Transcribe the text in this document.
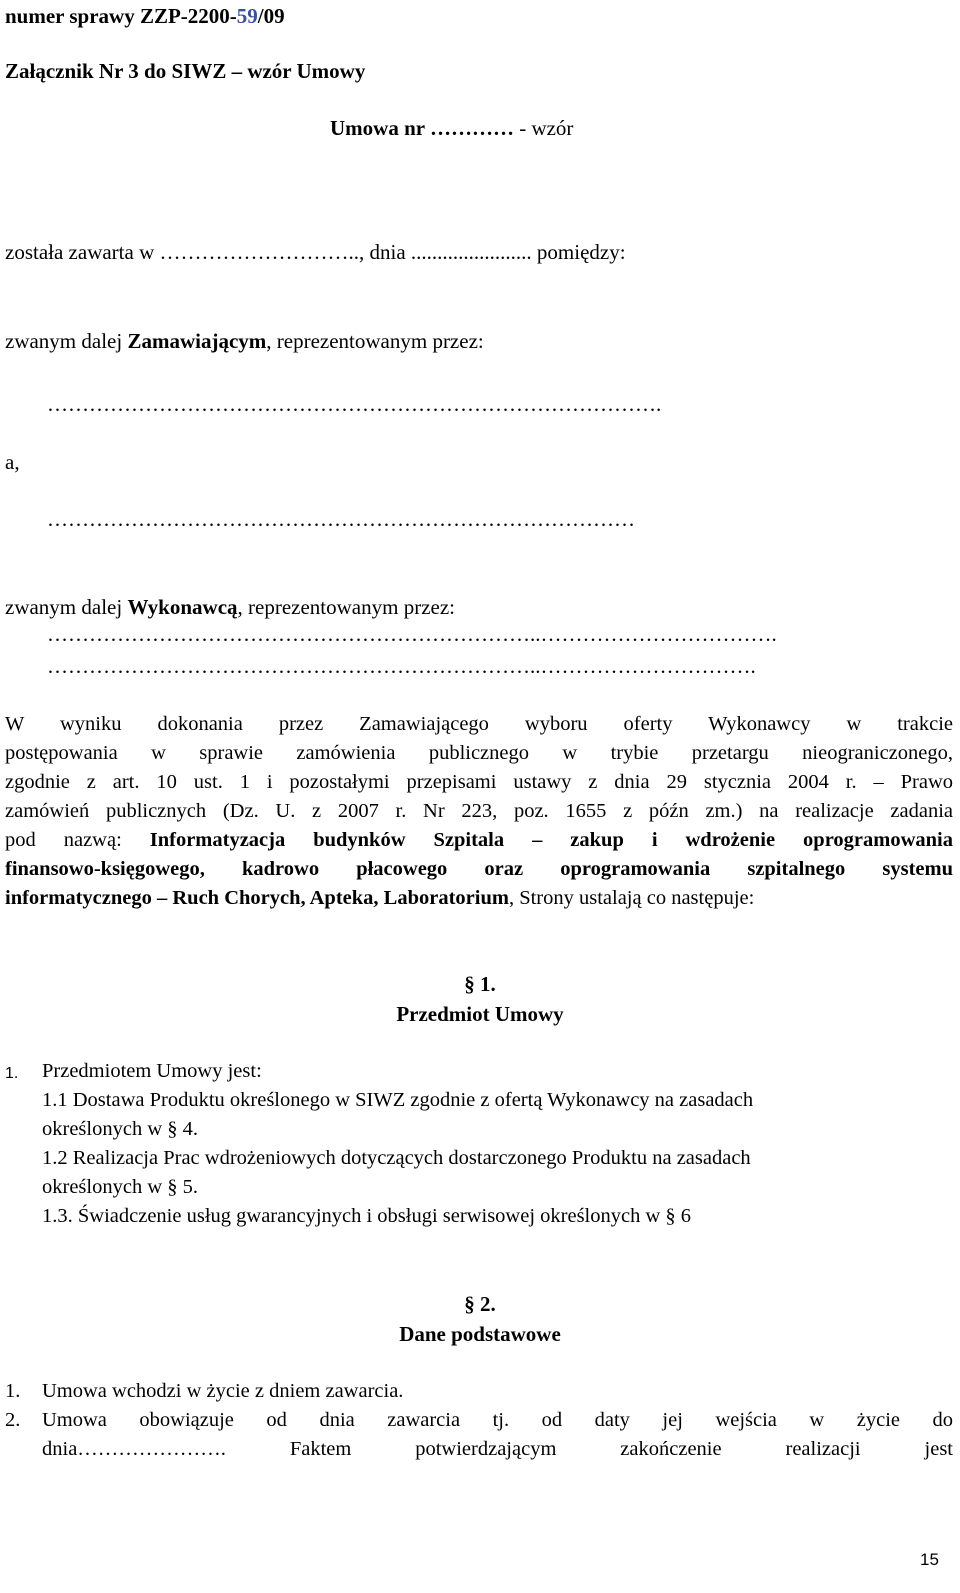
numer sprawy ZZP-2200-59/09
Załącznik Nr 3 do SIWZ – wzór Umowy
Umowa nr ………… - wzór
została zawarta w ……………………….., dnia ....................... pomiędzy:
zwanym dalej Zamawiającym, reprezentowanym przez:
…………………………………………………………………………….
a,
…………………………………………………………………………
zwanym dalej Wykonawcą, reprezentowanym przez:
……………………………………………………………..…………………………….
……………………………………………………………..………………………….
W wyniku dokonania przez Zamawiającego wyboru oferty Wykonawcy w trakcie
postępowania w sprawie zamówienia publicznego w trybie przetargu nieograniczonego,
zgodnie z art. 10 ust. 1 i pozostałymi przepisami ustawy z dnia 29 stycznia 2004 r. – Prawo
zamówień publicznych (Dz. U. z 2007 r. Nr 223, poz. 1655 z późn zm.) na realizacje zadania
pod nazwą: Informatyzacja budynków Szpitala – zakup i wdrożenie oprogramowania
finansowo-księgowego, kadrowo płacowego oraz oprogramowania szpitalnego systemu
informatycznego – Ruch Chorych, Apteka, Laboratorium, Strony ustalają co następuje:
§ 1.
Przedmiot Umowy
1. Przedmiotem Umowy jest:
1.1 Dostawa Produktu określonego w SIWZ zgodnie z ofertą Wykonawcy na zasadach
określonych w § 4.
1.2 Realizacja Prac wdrożeniowych dotyczących dostarczonego Produktu na zasadach
określonych w § 5.
1.3. Świadczenie usług gwarancyjnych i obsługi serwisowej określonych w § 6
§ 2.
Dane podstawowe
1. Umowa wchodzi w życie z dniem zawarcia.
2. Umowa obowiązuje od dnia zawarcia tj. od daty jej wejścia w życie do
dnia…………………. Faktem potwierdzającym zakończenie realizacji jest
15
